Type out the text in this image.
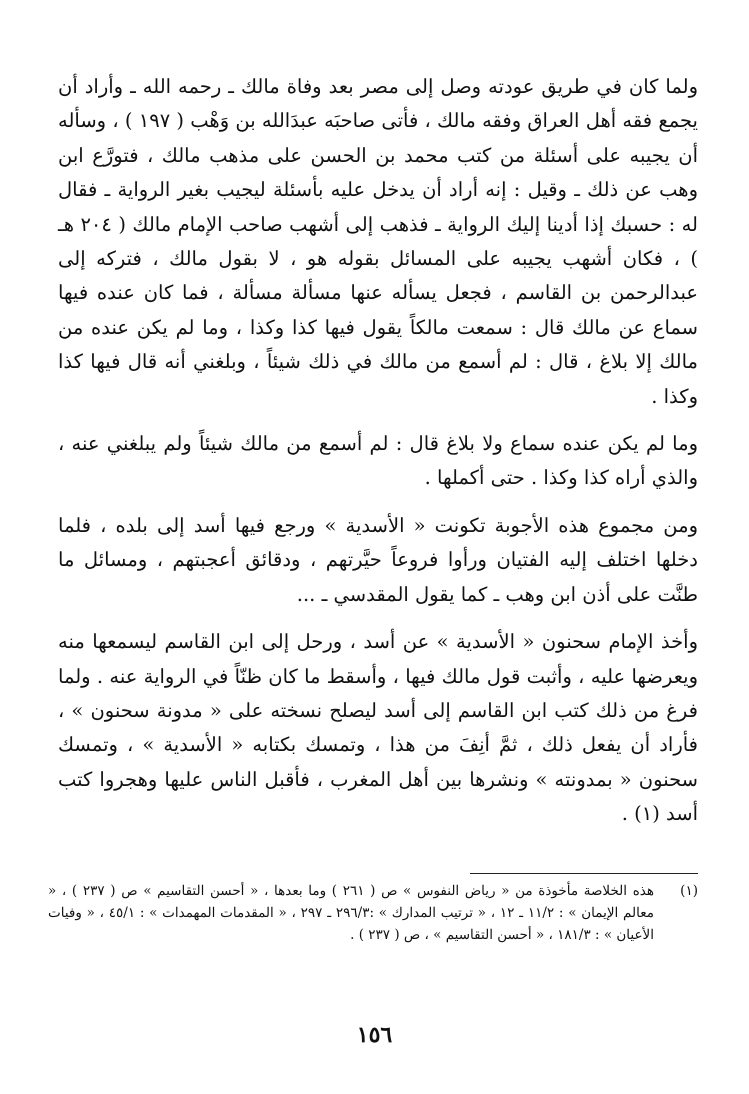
ولما كان في طريق عودته وصل إلى مصر بعد وفاة مالك ـ رحمه الله ـ وأراد أن يجمع فقه أهل العراق وفقه مالك ، فأتى صاحبَه عبدَالله بن وَهْب ( ١٩٧ ) ، وسأله أن يجيبه على أسئلة من كتب محمد بن الحسن على مذهب مالك ، فتورَّع ابن وهب عن ذلك ـ وقيل : إنه أراد أن يدخل عليه بأسئلة ليجيب بغير الرواية ـ فقال له : حسبك إذا أدينا إليك الرواية ـ فذهب إلى أشهب صاحب الإمام مالك ( ٢٠٤ هـ ) ، فكان أشهب يجيبه على المسائل بقوله هو ، لا بقول مالك ، فتركه إلى عبدالرحمن بن القاسم ، فجعل يسأله عنها مسألة مسألة ، فما كان عنده فيها سماع عن مالك قال : سمعت مالكاً يقول فيها كذا وكذا ، وما لم يكن عنده من مالك إلا بلاغ ، قال : لم أسمع من مالك في ذلك شيئاً ، وبلغني أنه قال فيها كذا وكذا .

وما لم يكن عنده سماع ولا بلاغ قال : لم أسمع من مالك شيئاً ولم يبلغني عنه ، والذي أراه كذا وكذا . حتى أكملها .

ومن مجموع هذه الأجوبة تكونت « الأسدية » ورجع فيها أسد إلى بلده ، فلما دخلها اختلف إليه الفتيان ورأوا فروعاً حيَّرتهم ، ودقائق أعجبتهم ، ومسائل ما طنَّت على أذن ابن وهب ـ كما يقول المقدسي ـ ...

وأخذ الإمام سحنون « الأسدية » عن أسد ، ورحل إلى ابن القاسم ليسمعها منه ويعرضها عليه ، وأثبت قول مالك فيها ، وأسقط ما كان ظنّاً في الرواية عنه . ولما فرغ من ذلك كتب ابن القاسم إلى أسد ليصلح نسخته على « مدونة سحنون » ، فأراد أن يفعل ذلك ، ثمَّ أنِفَ من هذا ، وتمسك بكتابه « الأسدية » ، وتمسك سحنون « بمدونته » ونشرها بين أهل المغرب ، فأقبل الناس عليها وهجروا كتب أسد (١) .

(١)
هذه الخلاصة مأخوذة من « رياض النفوس » ص ( ٢٦١ ) وما بعدها ، « أحسن التقاسيم » ص ( ٢٣٧ ) ، « معالم الإيمان » : ١١/٢ ـ ١٢ ، « ترتيب المدارك » :٢٩٦/٣ ـ ٢٩٧ ، « المقدمات المهمدات » : ٤٥/١ ، « وفيات الأعيان » : ١٨١/٣ ، « أحسن التقاسيم » ، ص ( ٢٣٧ ) .
١٥٦
